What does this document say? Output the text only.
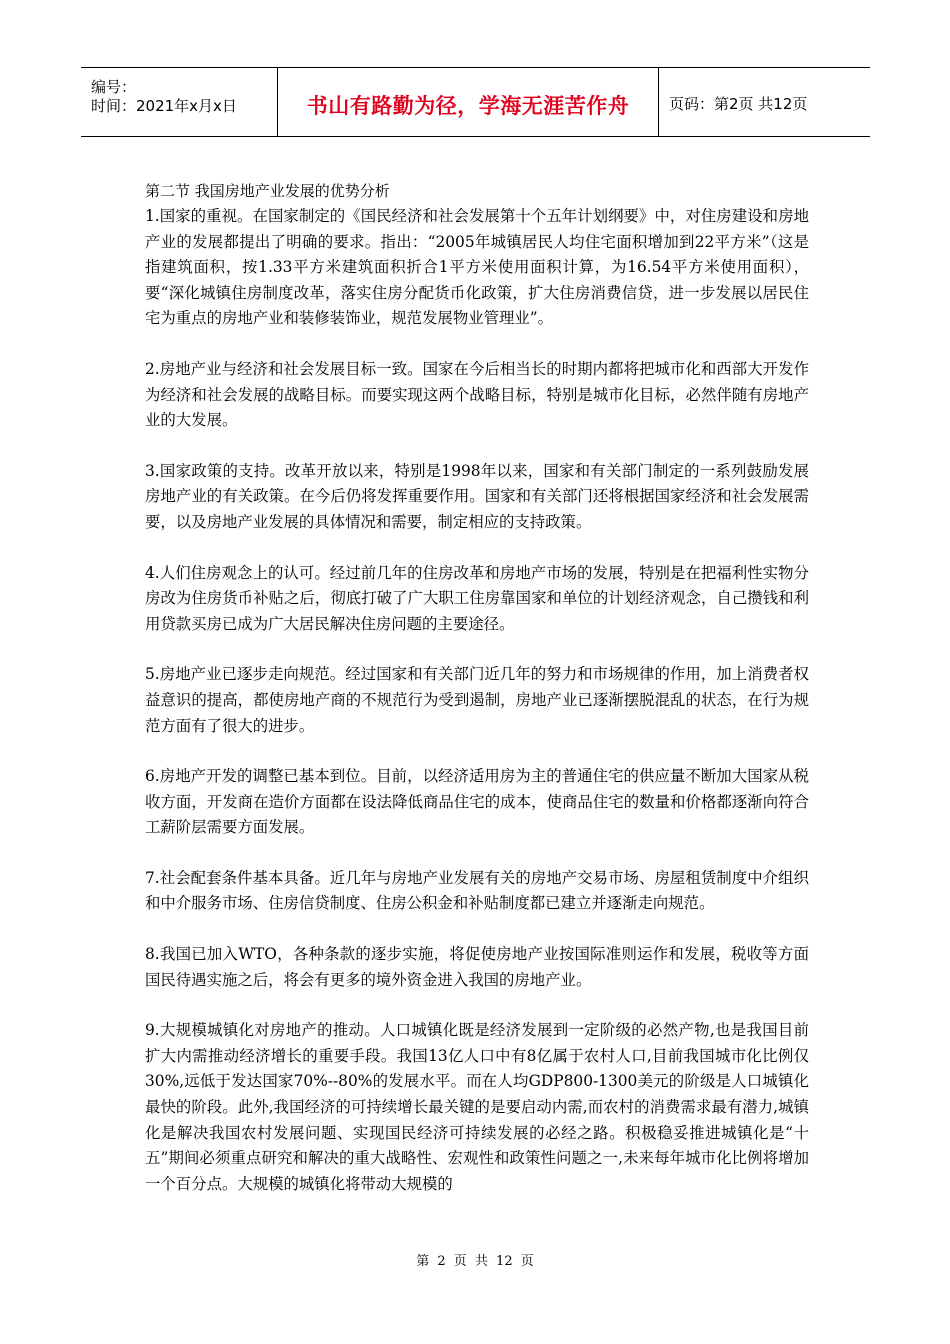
编号：
时间：2021年x月x日	书山有路勤为径，学海无涯苦作舟	页码：第2页 共12页
第二节 我国房地产业发展的优势分析

1.国家的重视。在国家制定的《国民经济和社会发展第十个五年计划纲要》中，对住房建设和房地产业的发展都提出了明确的要求。指出：“2005年城镇居民人均住宅面积增加到22平方米”（这是指建筑面积，按1.33平方米建筑面积折合1平方米使用面积计算，为16.54平方米使用面积），要“深化城镇住房制度改革，落实住房分配货币化政策，扩大住房消费信贷，进一步发展以居民住宅为重点的房地产业和装修装饰业，规范发展物业管理业”。

2.房地产业与经济和社会发展目标一致。国家在今后相当长的时期内都将把城市化和西部大开发作为经济和社会发展的战略目标。而要实现这两个战略目标，特别是城市化目标，必然伴随有房地产业的大发展。

3.国家政策的支持。改革开放以来，特别是1998年以来，国家和有关部门制定的一系列鼓励发展房地产业的有关政策。在今后仍将发挥重要作用。国家和有关部门还将根据国家经济和社会发展需要，以及房地产业发展的具体情况和需要，制定相应的支持政策。

4.人们住房观念上的认可。经过前几年的住房改革和房地产市场的发展，特别是在把福利性实物分房改为住房货币补贴之后，彻底打破了广大职工住房靠国家和单位的计划经济观念，自己攒钱和利用贷款买房已成为广大居民解决住房问题的主要途径。

5.房地产业已逐步走向规范。经过国家和有关部门近几年的努力和市场规律的作用，加上消费者权益意识的提高，都使房地产商的不规范行为受到遏制，房地产业已逐渐摆脱混乱的状态，在行为规范方面有了很大的进步。

6.房地产开发的调整已基本到位。目前，以经济适用房为主的普通住宅的供应量不断加大国家从税收方面，开发商在造价方面都在设法降低商品住宅的成本，使商品住宅的数量和价格都逐渐向符合工薪阶层需要方面发展。

7.社会配套条件基本具备。近几年与房地产业发展有关的房地产交易市场、房屋租赁制度中介组织和中介服务市场、住房信贷制度、住房公积金和补贴制度都已建立并逐渐走向规范。

8.我国已加入WTO，各种条款的逐步实施，将促使房地产业按国际准则运作和发展，税收等方面国民待遇实施之后，将会有更多的境外资金进入我国的房地产业。

9.大规模城镇化对房地产的推动。人口城镇化既是经济发展到一定阶级的必然产物,也是我国目前扩大内需推动经济增长的重要手段。我国13亿人口中有8亿属于农村人口,目前我国城市化比例仅30%,远低于发达国家70%--80%的发展水平。而在人均GDP800-1300美元的阶级是人口城镇化最快的阶段。此外,我国经济的可持续增长最关键的是要启动内需,而农村的消费需求最有潜力,城镇化是解决我国农村发展问题、实现国民经济可持续发展的必经之路。积极稳妥推进城镇化是“十五”期间必须重点研究和解决的重大战略性、宏观性和政策性问题之一,未来每年城市化比例将增加一个百分点。大规模的城镇化将带动大规模的

第 2 页 共 12 页
